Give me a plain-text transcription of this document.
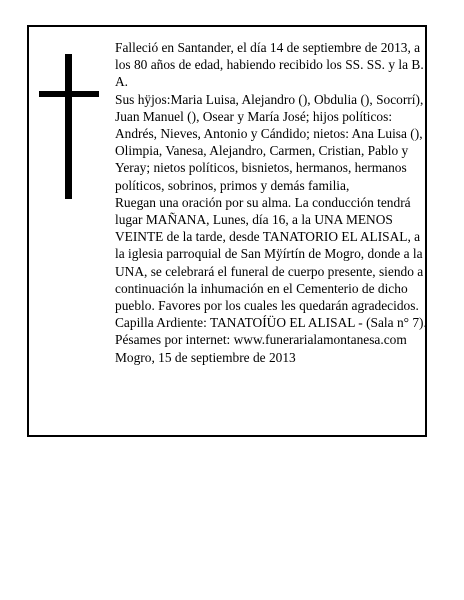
Falleció en Santander, el día 14 de septiembre de 2013, a los 80 años de edad, habiendo recibido los SS. SS. y la B. A.

Sus hÿjos:Maria Luisa, Alejandro (), Obdulia (), Socorrí), Juan Manuel (), Osear y María José; hijos políticos: Andrés, Nieves, Antonio y Cándido; nietos: Ana Luisa (), Olimpia, Vanesa, Alejandro, Carmen, Cristian, Pablo y Yeray; nietos políticos, bisnietos, hermanos, hermanos políticos, sobrinos, primos y demás familia,

Ruegan una oración por su alma. La conducción tendrá lugar MAÑANA, Lunes, día 16, a la UNA MENOS VEINTE de la tarde, desde TANATORIO EL ALISAL, a la iglesia parroquial de San Mÿírtín de Mogro, donde a la UNA, se celebrará el funeral de cuerpo presente, siendo a continuación la inhumación en el Cementerio de dicho pueblo. Favores por los cuales les quedarán agradecidos. Capilla Ardiente: TANATOÍÜO EL ALISAL - (Sala n° 7).

Pésames por internet: www.funerarialamontanesa.com

Mogro, 15 de septiembre de 2013
